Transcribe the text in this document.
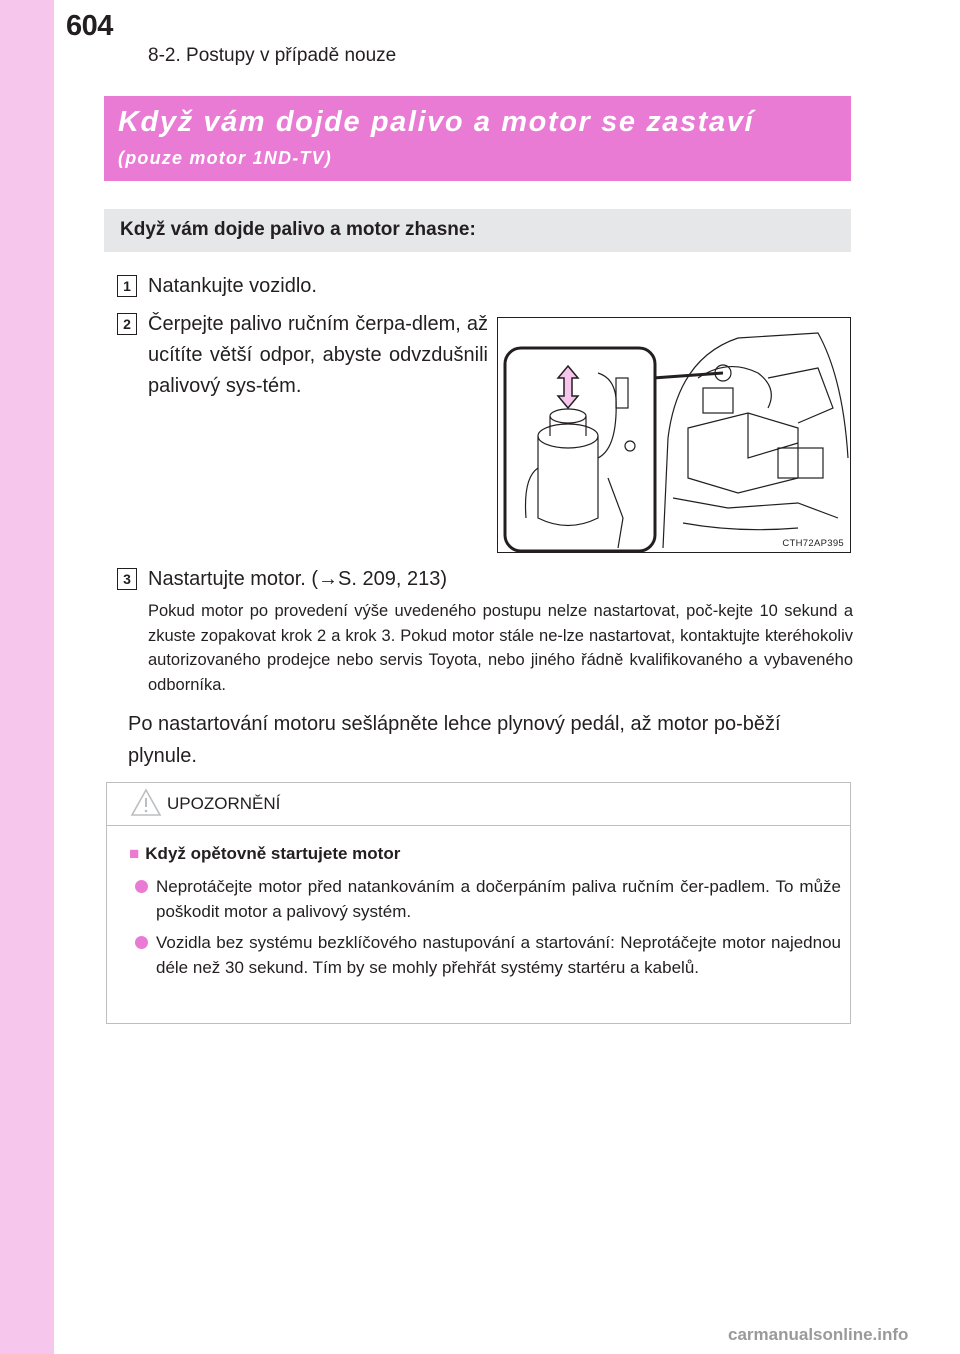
604
8-2. Postupy v případě nouze
Když vám dojde palivo a motor se zastaví
(pouze motor 1ND-TV)
Když vám dojde palivo a motor zhasne:
1 Natankujte vozidlo.
2 Čerpejte palivo ručním čerpa-dlem, až ucítíte větší odpor, abyste odvzdušnili palivový sys-tém.
CTH72AP395
3 Nastartujte motor. (→S. 209, 213)
Pokud motor po provedení výše uvedeného postupu nelze nastartovat, poč-kejte 10 sekund a zkuste zopakovat krok 2 a krok 3. Pokud motor stále ne-lze nastartovat, kontaktujte kteréhokoliv autorizovaného prodejce nebo servis Toyota, nebo jiného řádně kvalifikovaného a vybaveného odborníka.
Po nastartování motoru sešlápněte lehce plynový pedál, až motor po-běží plynule.
UPOZORNĚNÍ
■ Když opětovně startujete motor
Neprotáčejte motor před natankováním a dočerpáním paliva ručním čer-padlem. To může poškodit motor a palivový systém.
Vozidla bez systému bezklíčového nastupování a startování: Neprotáčejte motor najednou déle než 30 sekund. Tím by se mohly přehřát systémy startéru a kabelů.
carmanualsonline.info
